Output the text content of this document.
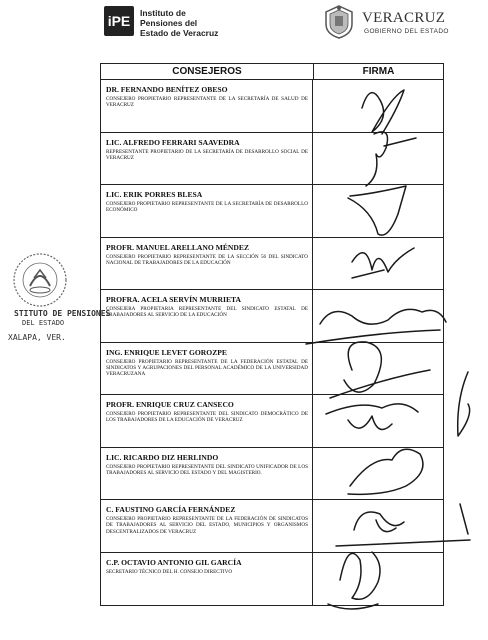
iPE	Instituto de
Pensiones del
Estado de Veracruz
VERACRUZ
GOBIERNO DEL ESTADO
CONSEJEROS	FIRMA
DR. FERNANDO BENÍTEZ OBESO
CONSEJERO PROPIETARIO REPRESENTANTE DE LA SECRETARÍA DE SALUD DE VERACRUZ
LIC. ALFREDO FERRARI SAAVEDRA
REPRESENTANTE PROPIETARIO DE LA SECRETARÍA DE DESARROLLO SOCIAL DE VERACRUZ
LIC. ERIK PORRES BLESA
CONSEJERO PROPIETARIO REPRESENTANTE DE LA SECRETARÍA DE DESARROLLO ECONÓMICO
PROFR. MANUEL ARELLANO MÉNDEZ
CONSEJERO PROPIETARIO REPRESENTANTE DE LA SECCIÓN 56 DEL SINDICATO NACIONAL DE TRABAJADORES DE LA EDUCACIÓN
PROFRA. ACELA SERVÍN MURRIETA
CONSEJERA PROPIETARIA REPRESENTANTE DEL SINDICATO ESTATAL DE TRABAJADORES AL SERVICIO DE LA EDUCACIÓN
ING. ENRIQUE LEVET GOROZPE
CONSEJERO PROPIETARIO REPRESENTANTE DE LA FEDERACIÓN ESTATAL DE SINDICATOS Y AGRUPACIONES DEL PERSONAL ACADÉMICO DE LA UNIVERSIDAD VERACRUZANA
PROFR. ENRIQUE CRUZ CANSECO
CONSEJERO PROPIETARIO REPRESENTANTE DEL SINDICATO DEMOCRÁTICO DE LOS TRABAJADORES DE LA EDUCACIÓN DE VERACRUZ
LIC. RICARDO DIZ HERLINDO
CONSEJERO PROPIETARIO REPRESENTANTE DEL SINDICATO UNIFICADOR DE LOS TRABAJADORES AL SERVICIO DEL ESTADO Y DEL MAGISTERIO.
C. FAUSTINO GARCÍA FERNÁNDEZ
CONSEJERO PROPIETARIO REPRESENTANTE DE LA FEDERACIÓN DE SINDICATOS DE TRABAJADORES AL SERVICIO DEL ESTADO, MUNICIPIOS Y ORGANISMOS DESCENTRALIZADOS DE VERACRUZ
C.P. OCTAVIO ANTONIO GIL GARCÍA
SECRETARIO TÉCNICO DEL H. CONSEJO DIRECTIVO
STITUTO DE PENSIONES
DEL ESTADO
XALAPA, VER.
